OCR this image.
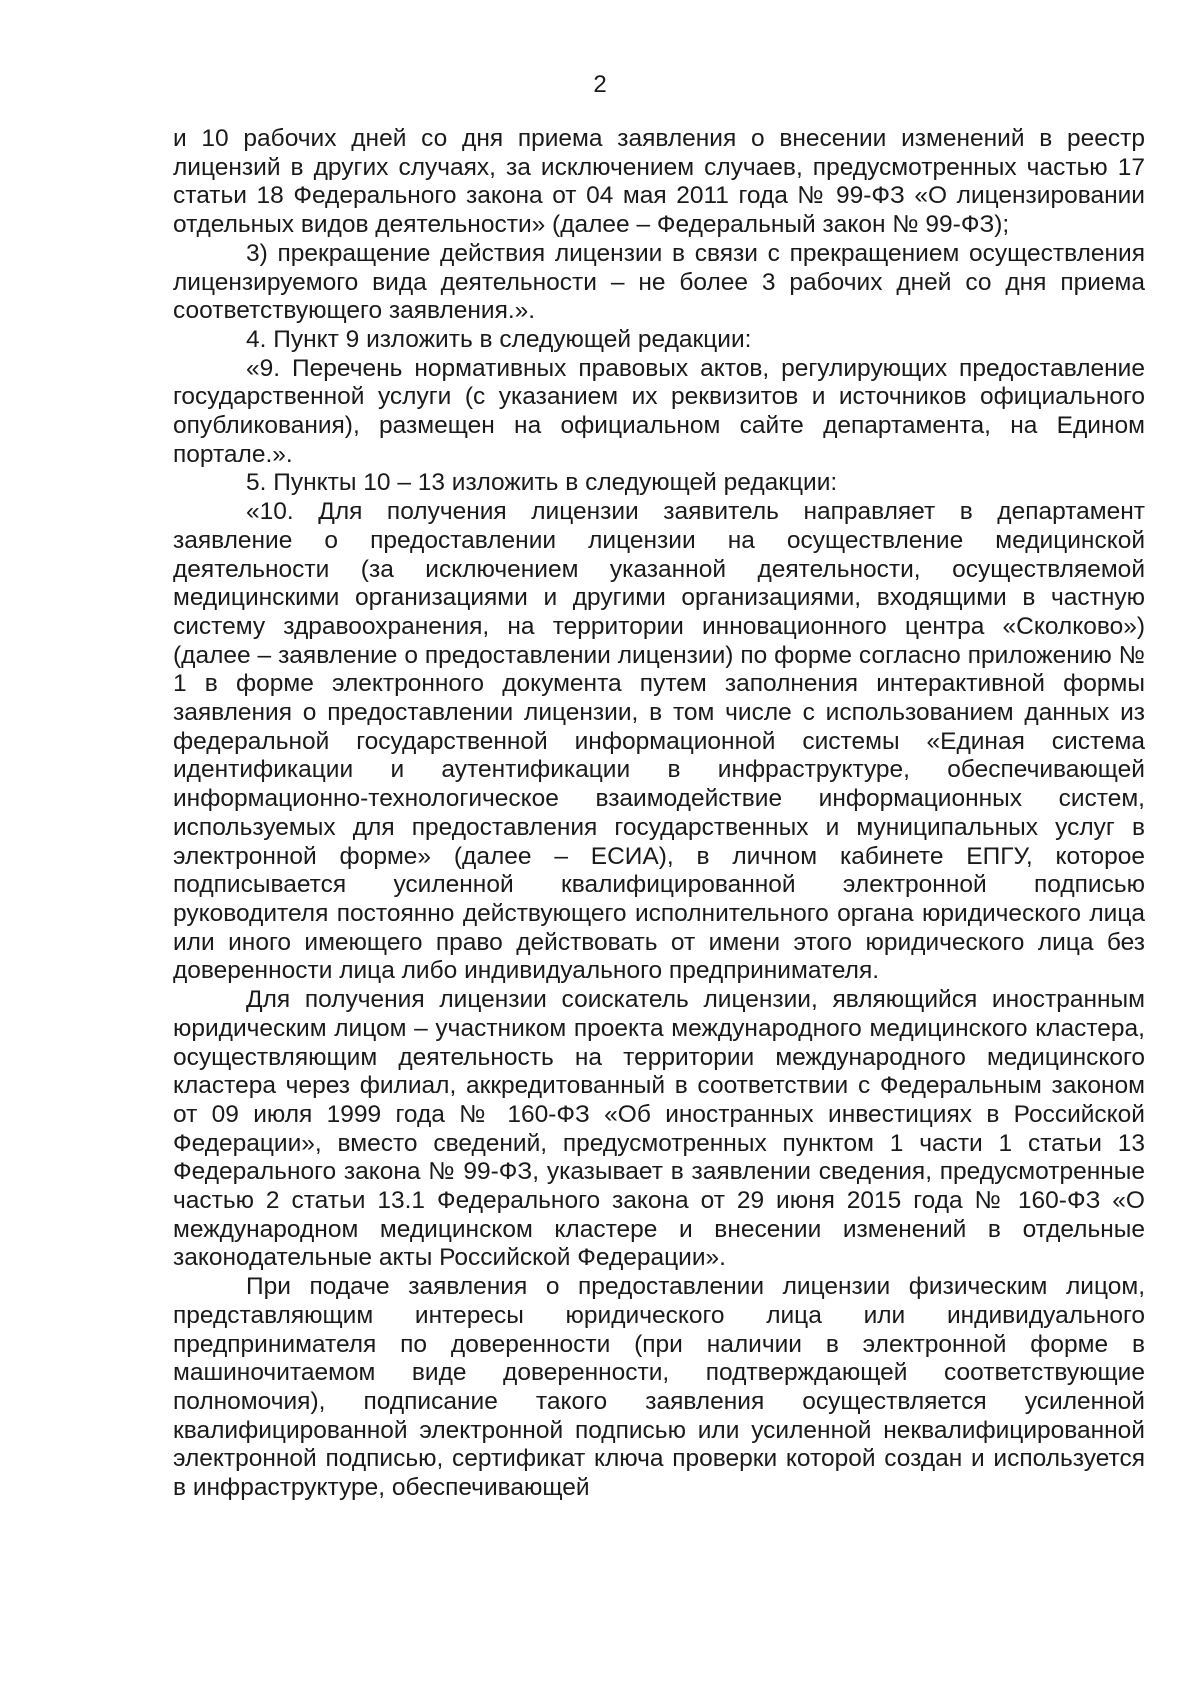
2

и 10 рабочих дней со дня приема заявления о внесении изменений в реестр лицензий в других случаях, за исключением случаев, предусмотренных частью 17 статьи 18 Федерального закона от 04 мая 2011 года № 99-ФЗ «О лицензировании отдельных видов деятельности» (далее – Федеральный закон № 99-ФЗ);

3) прекращение действия лицензии в связи с прекращением осуществления лицензируемого вида деятельности – не более 3 рабочих дней со дня приема соответствующего заявления.».

4. Пункт 9 изложить в следующей редакции:

«9. Перечень нормативных правовых актов, регулирующих предоставление государственной услуги (с указанием их реквизитов и источников официального опубликования), размещен на официальном сайте департамента, на Едином портале.».

5. Пункты 10 – 13 изложить в следующей редакции:

«10. Для получения лицензии заявитель направляет в департамент заявление о предоставлении лицензии на осуществление медицинской деятельности (за исключением указанной деятельности, осуществляемой медицинскими организациями и другими организациями, входящими в частную систему здравоохранения, на территории инновационного центра «Сколково») (далее – заявление о предоставлении лицензии) по форме согласно приложению № 1 в форме электронного документа путем заполнения интерактивной формы заявления о предоставлении лицензии, в том числе с использованием данных из федеральной государственной информационной системы «Единая система идентификации и аутентификации в инфраструктуре, обеспечивающей информационно-технологическое взаимодействие информационных систем, используемых для предоставления государственных и муниципальных услуг в электронной форме» (далее – ЕСИА), в личном кабинете ЕПГУ, которое подписывается усиленной квалифицированной электронной подписью руководителя постоянно действующего исполнительного органа юридического лица или иного имеющего право действовать от имени этого юридического лица без доверенности лица либо индивидуального предпринимателя.

Для получения лицензии соискатель лицензии, являющийся иностранным юридическим лицом – участником проекта международного медицинского кластера, осуществляющим деятельность на территории международного медицинского кластера через филиал, аккредитованный в соответствии с Федеральным законом от 09 июля 1999 года № 160-ФЗ «Об иностранных инвестициях в Российской Федерации», вместо сведений, предусмотренных пунктом 1 части 1 статьи 13 Федерального закона № 99-ФЗ, указывает в заявлении сведения, предусмотренные частью 2 статьи 13.1 Федерального закона от 29 июня 2015 года № 160-ФЗ «О международном медицинском кластере и внесении изменений в отдельные законодательные акты Российской Федерации».

При подаче заявления о предоставлении лицензии физическим лицом, представляющим интересы юридического лица или индивидуального предпринимателя по доверенности (при наличии в электронной форме в машиночитаемом виде доверенности, подтверждающей соответствующие полномочия), подписание такого заявления осуществляется усиленной квалифицированной электронной подписью или усиленной неквалифицированной электронной подписью, сертификат ключа проверки которой создан и используется в инфраструктуре, обеспечивающей
